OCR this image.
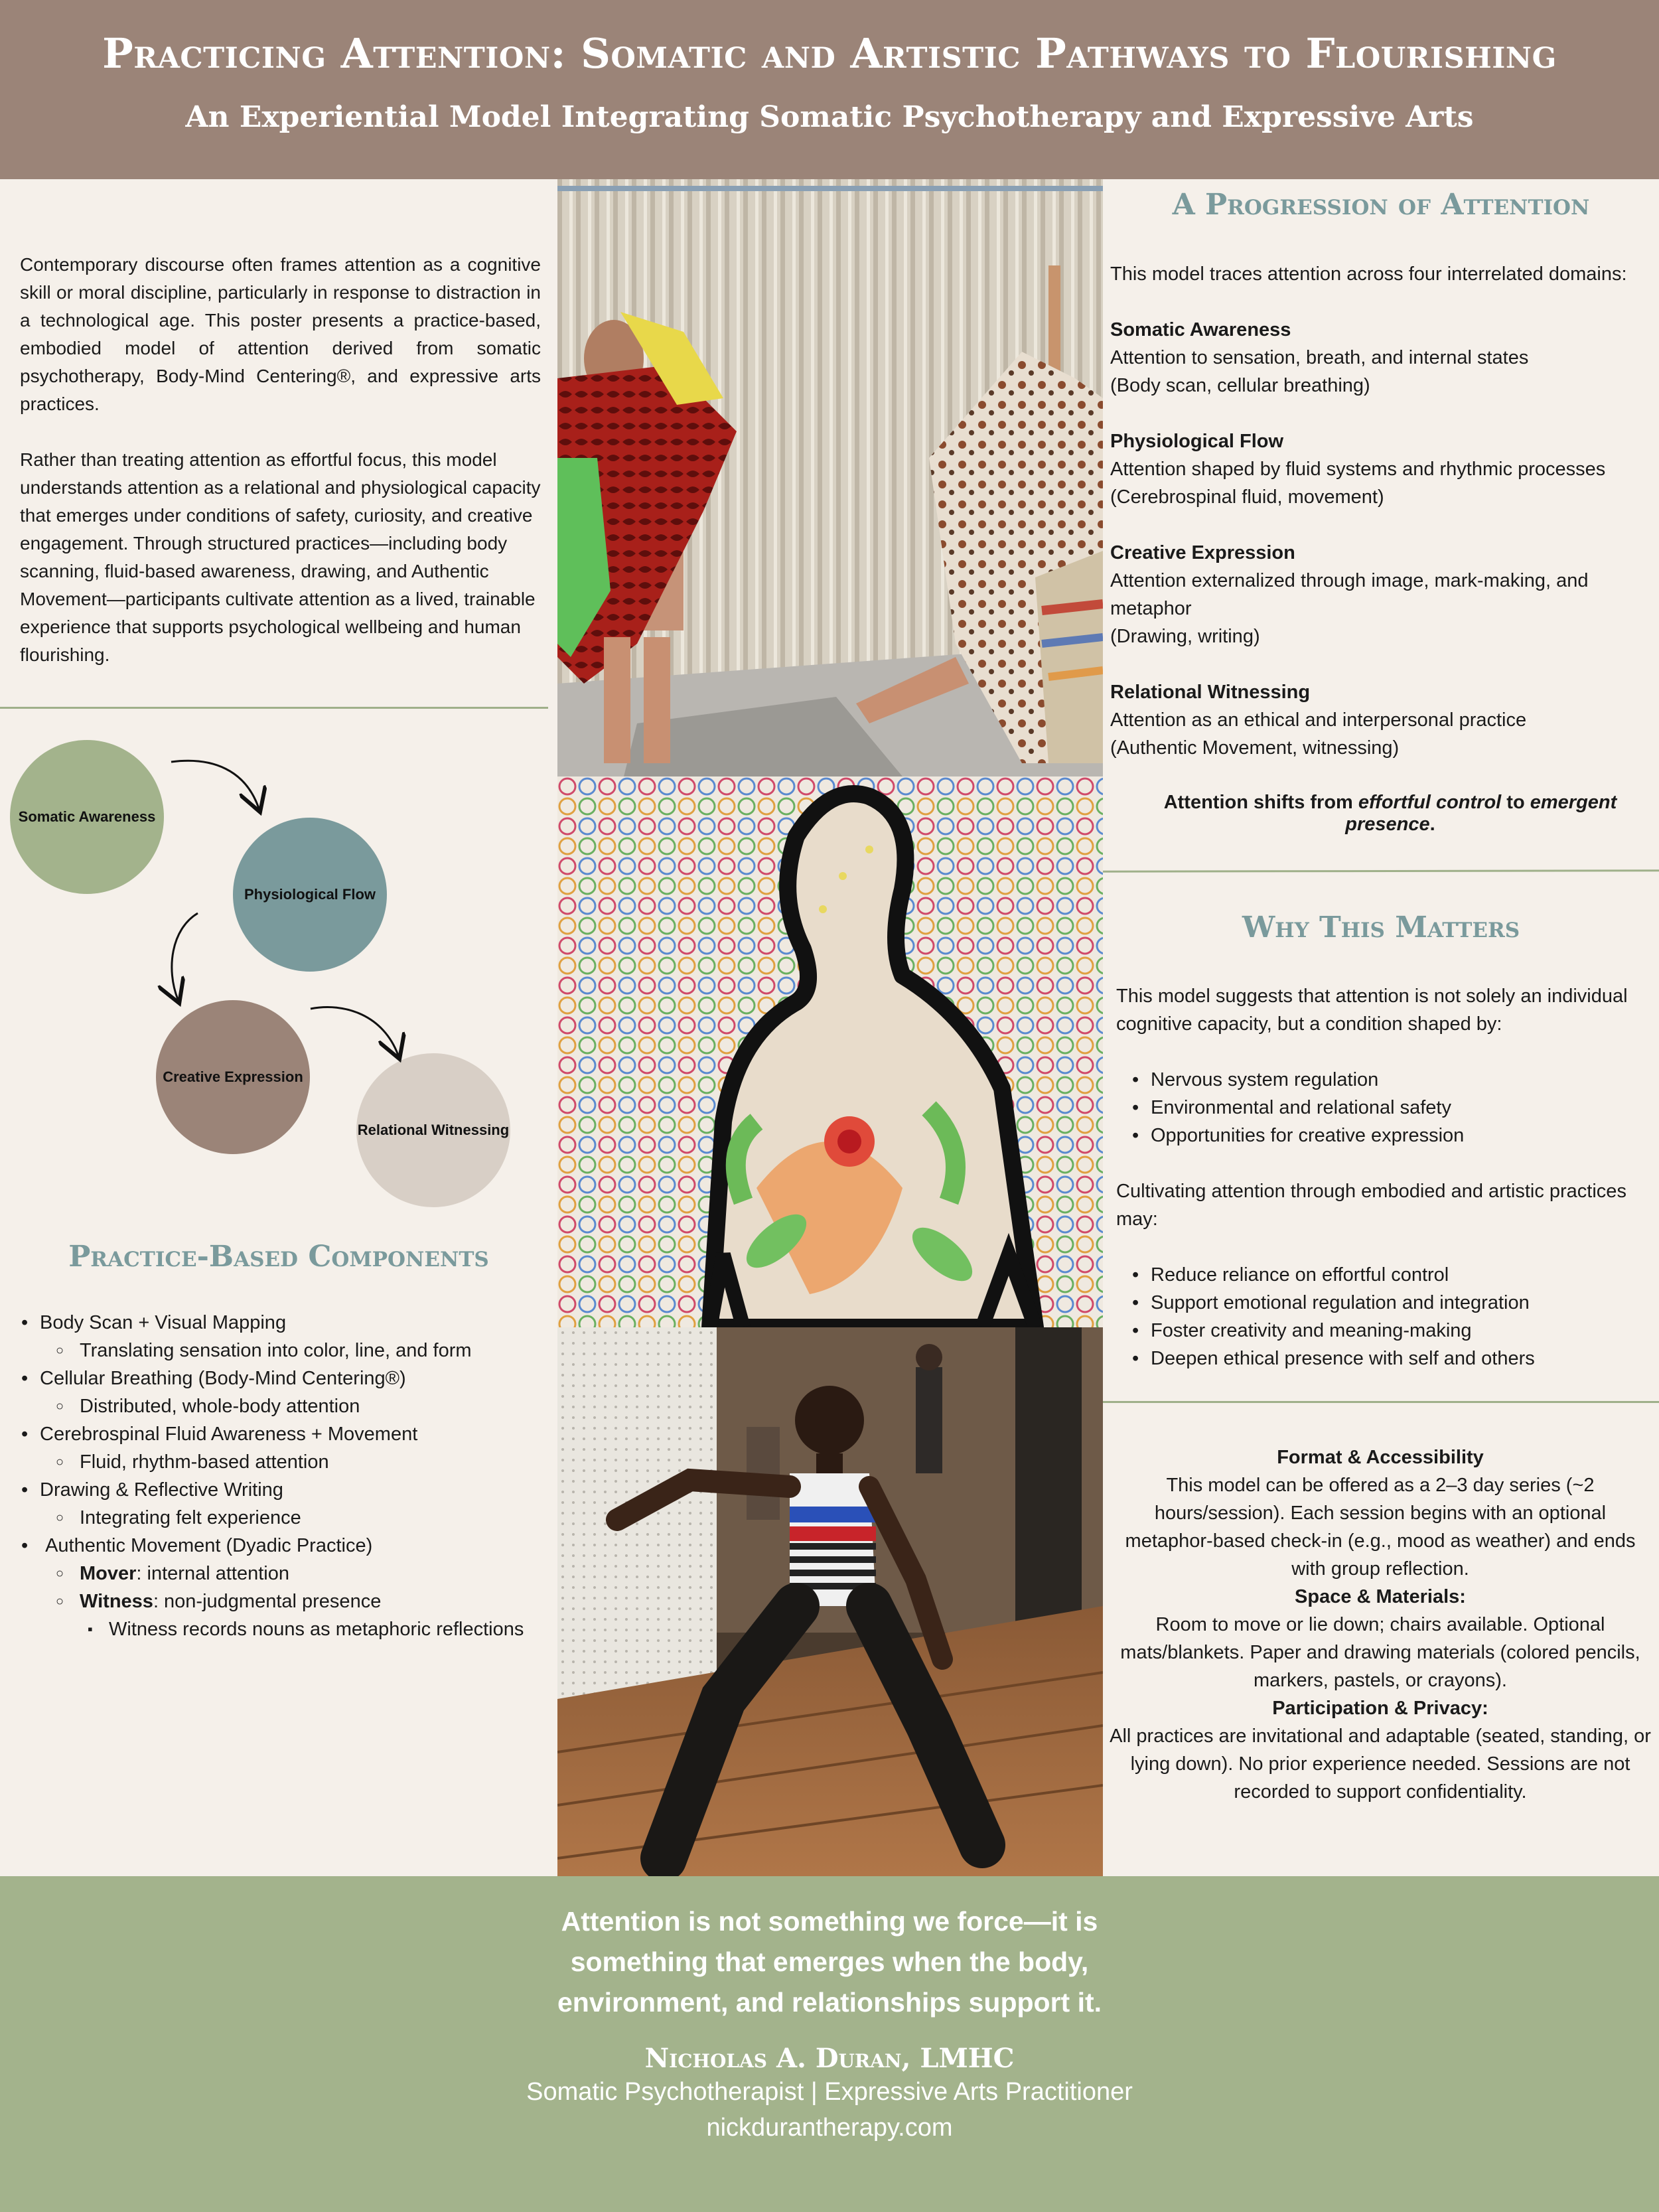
Practicing Attention: Somatic and Artistic Pathways to Flourishing
An Experiential Model Integrating Somatic Psychotherapy and Expressive Arts

Contemporary discourse often frames attention as a cognitive skill or moral discipline, particularly in response to distraction in a technological age. This poster presents a practice-based, embodied model of attention derived from somatic psychotherapy, Body-Mind Centering®, and expressive arts practices.

Rather than treating attention as effortful focus, this model understands attention as a relational and physiological capacity that emerges under conditions of safety, curiosity, and creative engagement. Through structured practices—including body scanning, fluid-based awareness, drawing, and Authentic Movement—participants cultivate attention as a lived, trainable experience that supports psychological wellbeing and human flourishing.

Somatic Awareness
Physiological Flow
Creative Expression
Relational Witnessing
Practice-Based Components
• Body Scan + Visual Mapping
○ Translating sensation into color, line, and form
• Cellular Breathing (Body-Mind Centering®)
○ Distributed, whole-body attention
• Cerebrospinal Fluid Awareness + Movement
○ Fluid, rhythm-based attention
• Drawing & Reflective Writing
○ Integrating felt experience
• Authentic Movement (Dyadic Practice)
○ Mover: internal attention
○ Witness: non-judgmental presence
▪ Witness records nouns as metaphoric reflections
A Progression of Attention
This model traces attention across four interrelated domains:
Somatic Awareness
Attention to sensation, breath, and internal states
(Body scan, cellular breathing)
Physiological Flow
Attention shaped by fluid systems and rhythmic processes
(Cerebrospinal fluid, movement)
Creative Expression
Attention externalized through image, mark-making, and metaphor
(Drawing, writing)
Relational Witnessing
Attention as an ethical and interpersonal practice
(Authentic Movement, witnessing)
Attention shifts from effortful control to emergent presence.
Why This Matters
This model suggests that attention is not solely an individual cognitive capacity, but a condition shaped by:
• Nervous system regulation
• Environmental and relational safety
• Opportunities for creative expression
Cultivating attention through embodied and artistic practices may:
• Reduce reliance on effortful control
• Support emotional regulation and integration
• Foster creativity and meaning-making
• Deepen ethical presence with self and others
Format & Accessibility
This model can be offered as a 2–3 day series (~2 hours/session). Each session begins with an optional metaphor-based check-in (e.g., mood as weather) and ends with group reflection.
Space & Materials:
Room to move or lie down; chairs available. Optional mats/blankets. Paper and drawing materials (colored pencils, markers, pastels, or crayons).
Participation & Privacy:
All practices are invitational and adaptable (seated, standing, or lying down). No prior experience needed. Sessions are not recorded to support confidentiality.
Attention is not something we force—it is something that emerges when the body, environment, and relationships support it.
Nicholas A. Duran, LMHC
Somatic Psychotherapist | Expressive Arts Practitioner
nickdurantherapy.com
